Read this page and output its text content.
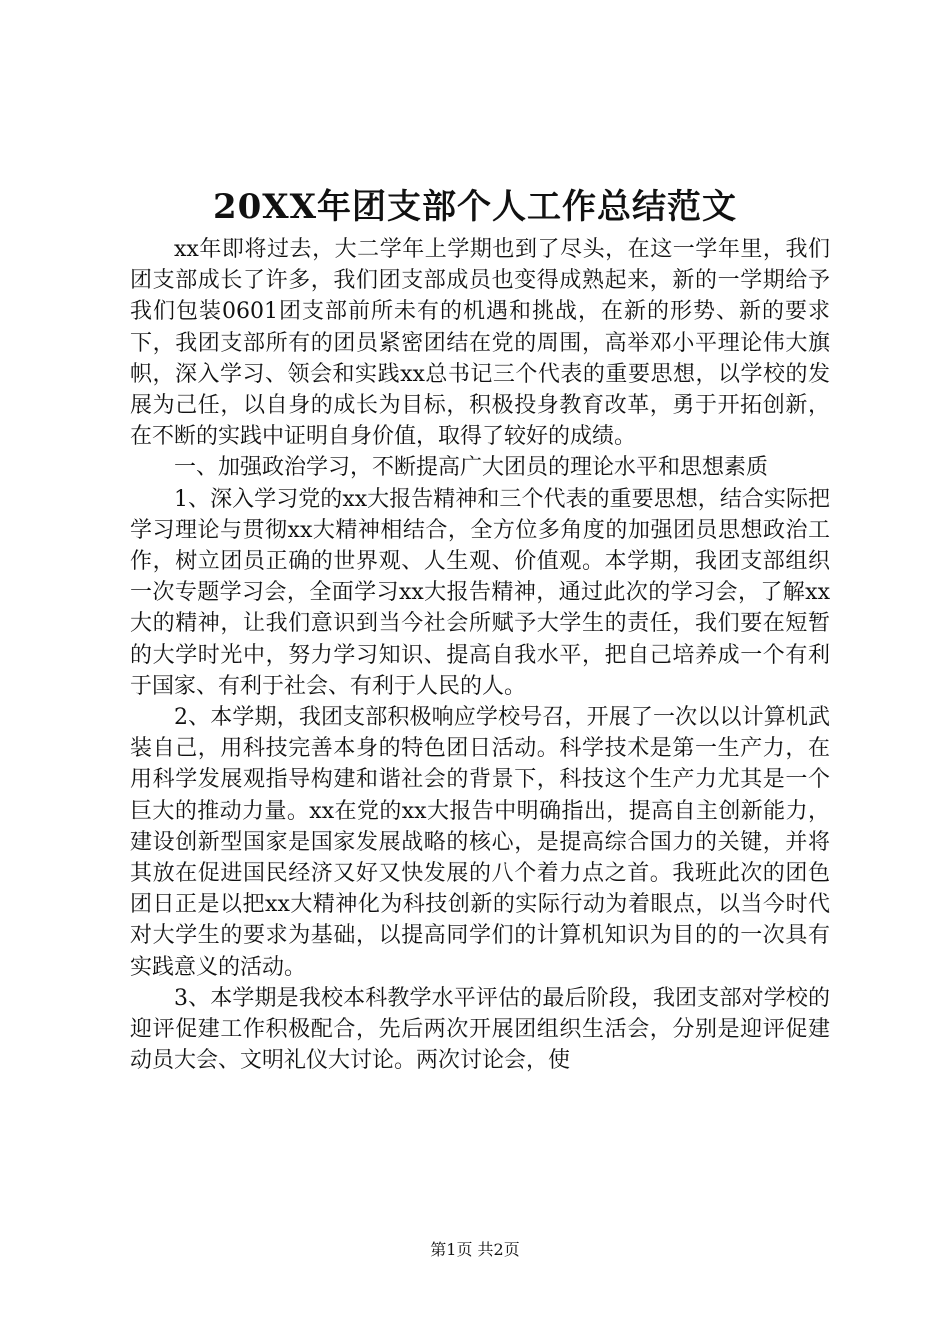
20XX年团支部个人工作总结范文

xx年即将过去，大二学年上学期也到了尽头，在这一学年里，我们团支部成长了许多，我们团支部成员也变得成熟起来，新的一学期给予我们包装0601团支部前所未有的机遇和挑战，在新的形势、新的要求下，我团支部所有的团员紧密团结在党的周围，高举邓小平理论伟大旗帜，深入学习、领会和实践xx总书记三个代表的重要思想，以学校的发展为己任，以自身的成长为目标，积极投身教育改革，勇于开拓创新，在不断的实践中证明自身价值，取得了较好的成绩。

一、加强政治学习，不断提高广大团员的理论水平和思想素质

1、深入学习党的xx大报告精神和三个代表的重要思想，结合实际把学习理论与贯彻xx大精神相结合，全方位多角度的加强团员思想政治工作，树立团员正确的世界观、人生观、价值观。本学期，我团支部组织一次专题学习会，全面学习xx大报告精神，通过此次的学习会，了解xx大的精神，让我们意识到当今社会所赋予大学生的责任，我们要在短暂的大学时光中，努力学习知识、提高自我水平，把自己培养成一个有利于国家、有利于社会、有利于人民的人。

2、本学期，我团支部积极响应学校号召，开展了一次以以计算机武装自己，用科技完善本身的特色团日活动。科学技术是第一生产力，在用科学发展观指导构建和谐社会的背景下，科技这个生产力尤其是一个巨大的推动力量。xx在党的xx大报告中明确指出，提高自主创新能力，建设创新型国家是国家发展战略的核心，是提高综合国力的关键，并将其放在促进国民经济又好又快发展的八个着力点之首。我班此次的团色团日正是以把xx大精神化为科技创新的实际行动为着眼点，以当今时代对大学生的要求为基础，以提高同学们的计算机知识为目的的一次具有实践意义的活动。

3、本学期是我校本科教学水平评估的最后阶段，我团支部对学校的迎评促建工作积极配合，先后两次开展团组织生活会，分别是迎评促建动员大会、文明礼仪大讨论。两次讨论会，使

第1页 共2页
